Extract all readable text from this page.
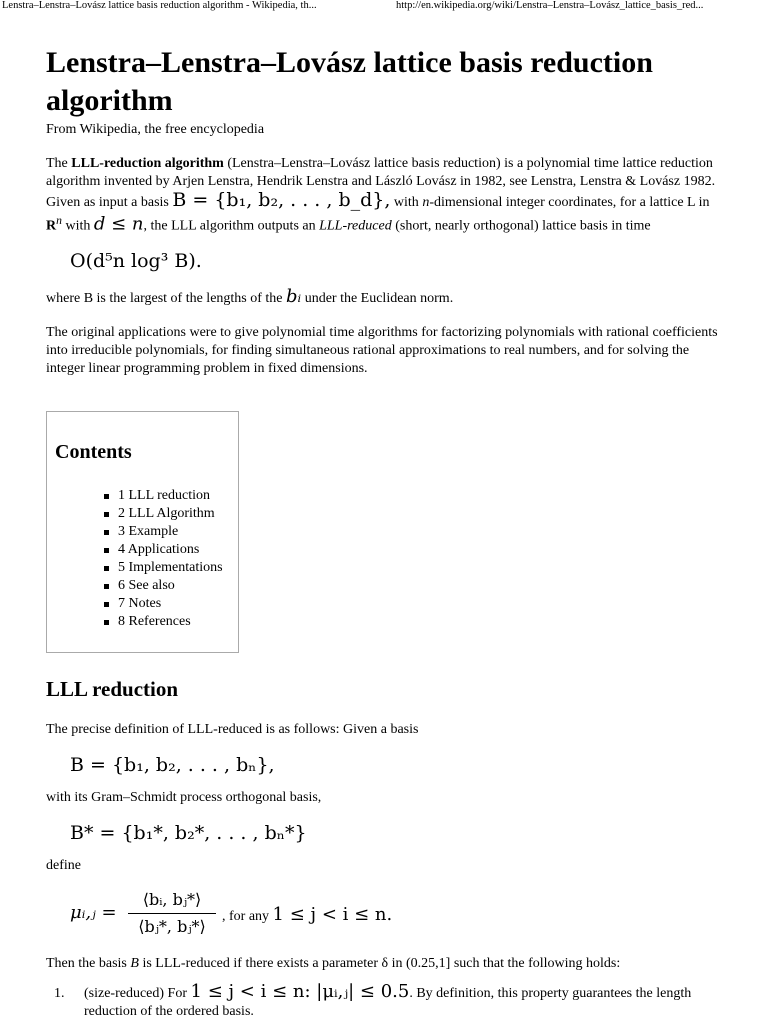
Lenstra–Lenstra–Lovász lattice basis reduction algorithm - Wikipedia, th...	http://en.wikipedia.org/wiki/Lenstra–Lenstra–Lovász_lattice_basis_red...
Lenstra–Lenstra–Lovász lattice basis reduction algorithm
From Wikipedia, the free encyclopedia

The LLL-reduction algorithm (Lenstra–Lenstra–Lovász lattice basis reduction) is a polynomial time lattice reduction algorithm invented by Arjen Lenstra, Hendrik Lenstra and László Lovász in 1982, see Lenstra, Lenstra & Lovász 1982. Given as input a basis B = {b₁, b₂, . . . , b_d}, with n-dimensional integer coordinates, for a lattice L in $R^n$ with d ≤ n, the LLL algorithm outputs an LLL-reduced (short, nearly orthogonal) lattice basis in time

O(d⁵n log³ B).

where B is the largest of the lengths of the bᵢ under the Euclidean norm.

The original applications were to give polynomial time algorithms for factorizing polynomials with rational coefficients into irreducible polynomials, for finding simultaneous rational approximations to real numbers, and for solving the integer linear programming problem in fixed dimensions.

Contents
1 LLL reduction
2 LLL Algorithm
3 Example
4 Applications
5 Implementations
6 See also
7 Notes
8 References
LLL reduction

The precise definition of LLL-reduced is as follows: Given a basis

B = {b₁, b₂, . . . , bₙ},

with its Gram–Schmidt process orthogonal basis,

B* = {b₁*, b₂*, . . . , bₙ*}

define

μᵢ,ⱼ =
⟨bᵢ, bⱼ*⟩
⟨bⱼ*, bⱼ*⟩
, for any 1 ≤ j < i ≤ n.

Then the basis B is LLL-reduced if there exists a parameter δ in (0.25,1] such that the following holds:

1. (size-reduced) For 1 ≤ j < i ≤ n: |μᵢ,ⱼ| ≤ 0.5. By definition, this property guarantees the length reduction of the ordered basis.
